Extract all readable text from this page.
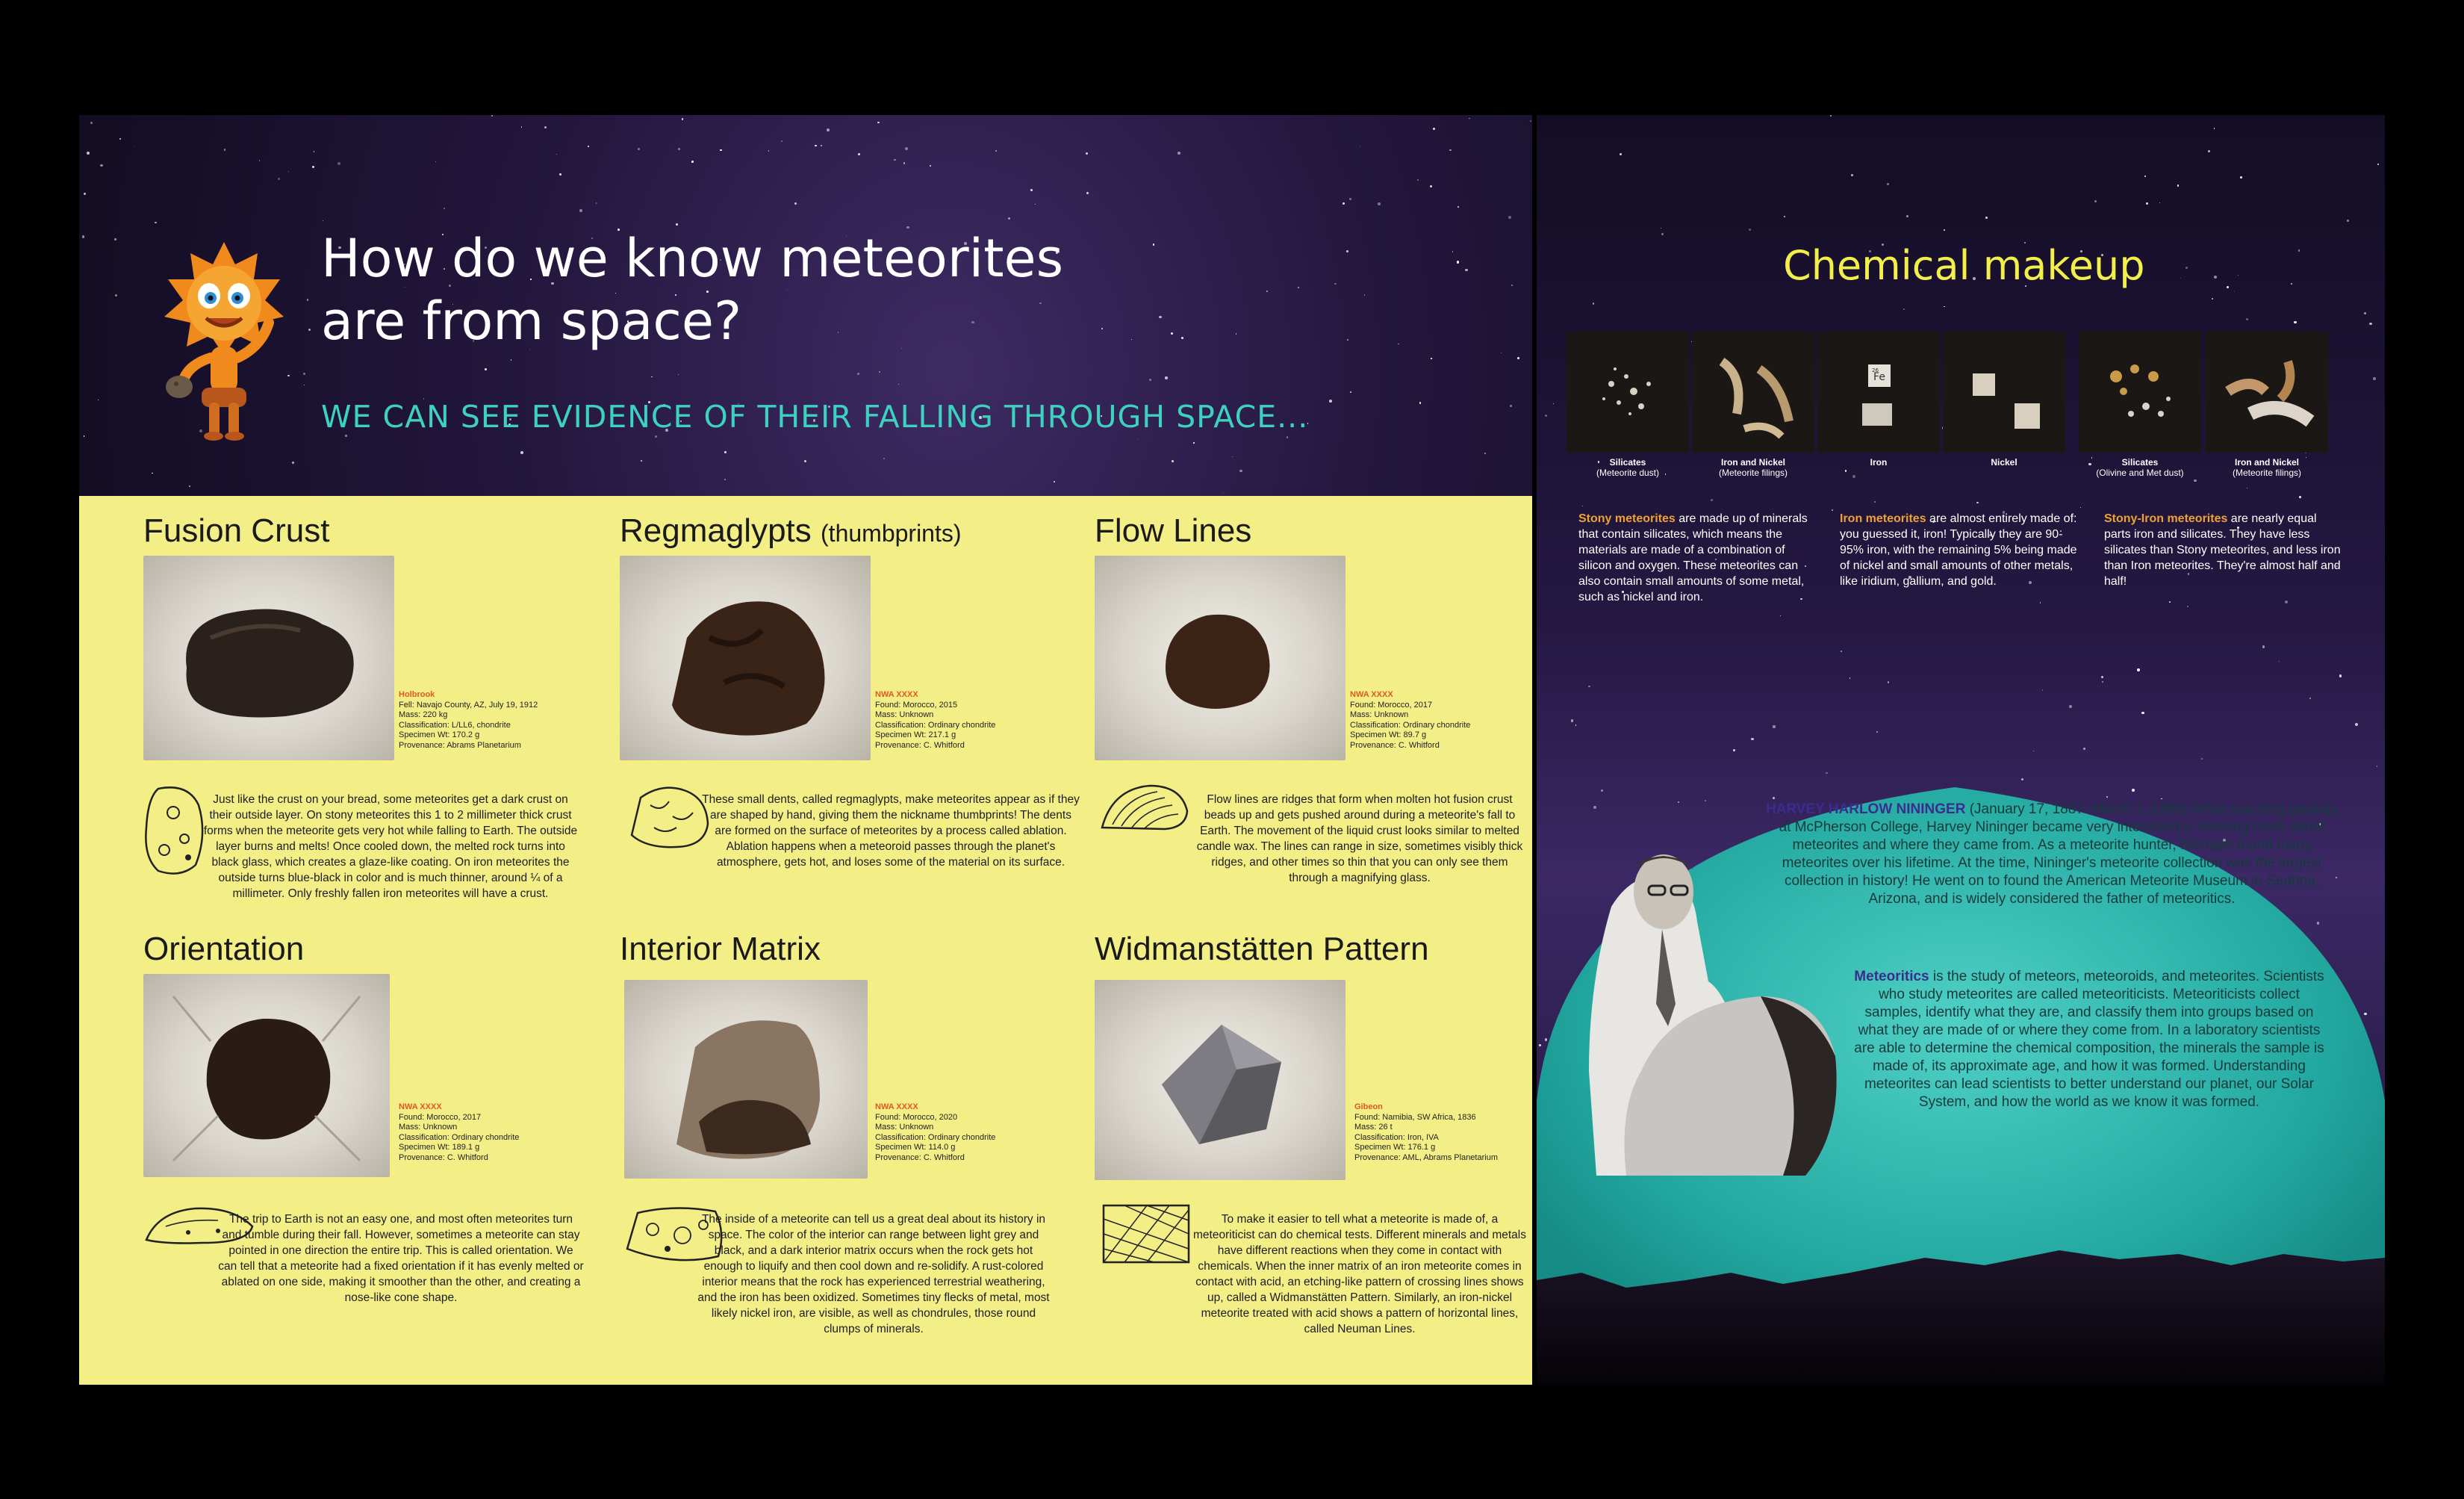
How do we know meteorites
are from space?
WE CAN SEE EVIDENCE OF THEIR FALLING THROUGH SPACE...
Fusion Crust
Holbrook
Fell: Navajo County, AZ, July 19, 1912
Mass: 220 kg
Classification: L/LL6, chondrite
Specimen Wt: 170.2 g
Provenance: Abrams Planetarium
Just like the crust on your bread, some meteorites get a dark crust on their outside layer. On stony meteorites this 1 to 2 millimeter thick crust forms when the meteorite gets very hot while falling to Earth. The outside layer burns and melts! Once cooled down, the melted rock turns into black glass, which creates a glaze-like coating. On iron meteorites the outside turns blue-black in color and is much thinner, around ¼ of a millimeter. Only freshly fallen iron meteorites will have a crust.
Regmaglypts (thumbprints)
NWA XXXX
Found: Morocco, 2015
Mass: Unknown
Classification: Ordinary chondrite
Specimen Wt: 217.1 g
Provenance: C. Whitford
These small dents, called regmaglypts, make meteorites appear as if they are shaped by hand, giving them the nickname thumbprints! The dents are formed on the surface of meteorites by a process called ablation. Ablation happens when a meteoroid passes through the planet's atmosphere, gets hot, and loses some of the material on its surface.
Flow Lines
NWA XXXX
Found: Morocco, 2017
Mass: Unknown
Classification: Ordinary chondrite
Specimen Wt: 89.7 g
Provenance: C. Whitford
Flow lines are ridges that form when molten hot fusion crust beads up and gets pushed around during a meteorite's fall to Earth. The movement of the liquid crust looks similar to melted candle wax. The lines can range in size, sometimes visibly thick ridges, and other times so thin that you can only see them through a magnifying glass.
Orientation
NWA XXXX
Found: Morocco, 2017
Mass: Unknown
Classification: Ordinary chondrite
Specimen Wt: 189.1 g
Provenance: C. Whitford
The trip to Earth is not an easy one, and most often meteorites turn and tumble during their fall. However, sometimes a meteorite can stay pointed in one direction the entire trip. This is called orientation. We can tell that a meteorite had a fixed orientation if it has evenly melted or ablated on one side, making it smoother than the other, and creating a nose-like cone shape.
Interior Matrix
NWA XXXX
Found: Morocco, 2020
Mass: Unknown
Classification: Ordinary chondrite
Specimen Wt: 114.0 g
Provenance: C. Whitford
The inside of a meteorite can tell us a great deal about its history in space. The color of the interior can range between light grey and black, and a dark interior matrix occurs when the rock gets hot enough to liquify and then cool down and re-solidify. A rust-colored interior means that the rock has experienced terrestrial weathering, and the iron has been oxidized. Sometimes tiny flecks of metal, most likely nickel iron, are visible, as well as chondrules, those round clumps of minerals.
Widmanstätten Pattern
Gibeon
Found: Namibia, SW Africa, 1836
Mass: 26 t
Classification: Iron, IVA
Specimen Wt: 176.1 g
Provenance: AML, Abrams Planetarium
To make it easier to tell what a meteorite is made of, a meteoriticist can do chemical tests. Different minerals and metals have different reactions when they come in contact with chemicals. When the inner matrix of an iron meteorite comes in contact with acid, an etching-like pattern of crossing lines shows up, called a Widmanstätten Pattern. Similarly, an iron-nickel meteorite treated with acid shows a pattern of horizontal lines, called Neuman Lines.
Chemical makeup
Fe
26
Silicates
(Meteorite dust)
Iron and Nickel
(Meteorite filings)
Iron	Nickel	Silicates
(Olivine and Met dust)
Iron and Nickel
(Meteorite filings)
Stony meteorites are made up of minerals that contain silicates, which means the materials are made of a combination of silicon and oxygen. These meteorites can also contain small amounts of some metal, such as nickel and iron.
Iron meteorites are almost entirely made of: you guessed it, iron! Typically they are 90-95% iron, with the remaining 5% being made of nickel and small amounts of other metals, like iridium, gallium, and gold.
Stony-Iron meteorites are nearly equal parts iron and silicates. They have less silicates than Stony meteorites, and less iron than Iron meteorites. They're almost half and half!
HARVEY HARLOW NININGER (January 17, 1887–March 1, 1986) While teaching geology at McPherson College, Harvey Nininger became very interested in learning more about meteorites and where they came from. As a meteorite hunter, Nininger found many meteorites over his lifetime. At the time, Nininger's meteorite collection was the largest collection in history! He went on to found the American Meteorite Museum in Sedona, Arizona, and is widely considered the father of meteoritics.
Meteoritics is the study of meteors, meteoroids, and meteorites. Scientists who study meteorites are called meteoriticists. Meteoriticists collect samples, identify what they are, and classify them into groups based on what they are made of or where they come from. In a laboratory scientists are able to determine the chemical composition, the minerals the sample is made of, its approximate age, and how it was formed. Understanding meteorites can lead scientists to better understand our planet, our Solar System, and how the world as we know it was formed.
